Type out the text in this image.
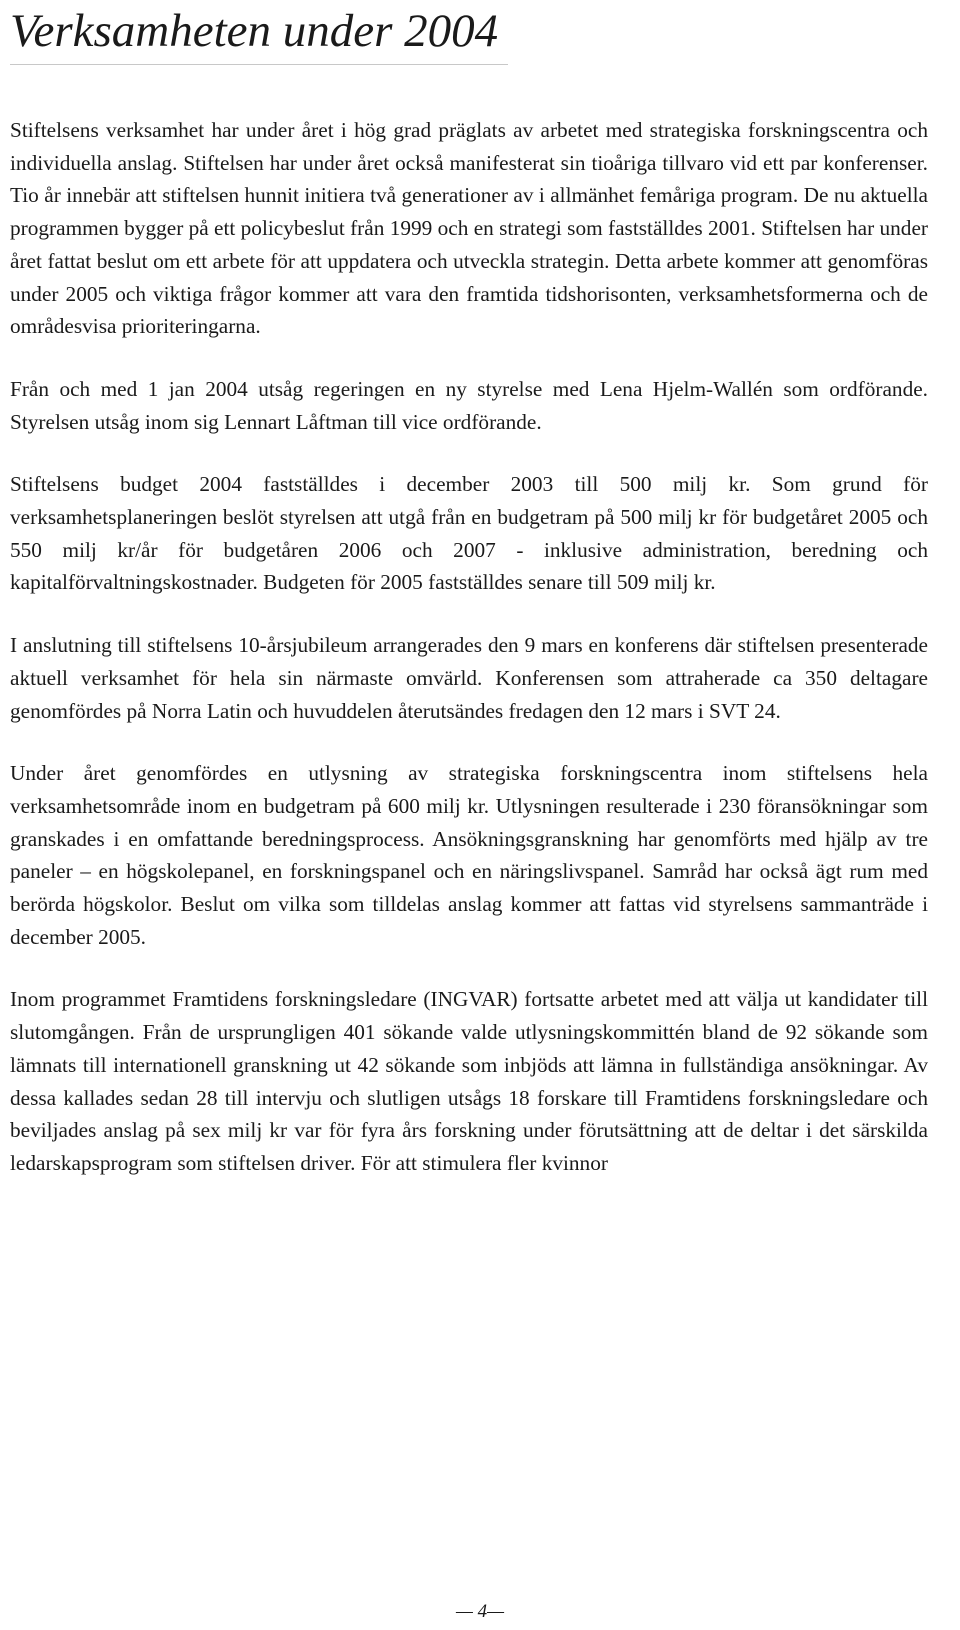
Verksamheten under 2004

Stiftelsens verksamhet har under året i hög grad präglats av arbetet med strategiska forskningscentra och individuella anslag. Stiftelsen har under året också manifesterat sin tioåriga tillvaro vid ett par konferenser. Tio år innebär att stiftelsen hunnit initiera två generationer av i allmänhet femåriga program. De nu aktuella programmen bygger på ett policybeslut från 1999 och en strategi som fastställdes 2001. Stiftelsen har under året fattat beslut om ett arbete för att uppdatera och utveckla strategin. Detta arbete kommer att genomföras under 2005 och viktiga frågor kommer att vara den framtida tidshorisonten, verksamhetsformerna och de områdesvisa prioriteringarna.

Från och med 1 jan 2004 utsåg regeringen en ny styrelse med Lena Hjelm-Wallén som ordförande. Styrelsen utsåg inom sig Lennart Låftman till vice ordförande.

Stiftelsens budget 2004 fastställdes i december 2003 till 500 milj kr. Som grund för verksamhetsplaneringen beslöt styrelsen att utgå från en budgetram på 500 milj kr för budgetåret 2005 och 550 milj kr/år för budgetåren 2006 och 2007 - inklusive administration, beredning och kapitalförvaltningskostnader. Budgeten för 2005 fastställdes senare till 509 milj kr.

I anslutning till stiftelsens 10-årsjubileum arrangerades den 9 mars en konferens där stiftelsen presenterade aktuell verksamhet för hela sin närmaste omvärld. Konferensen som attraherade ca 350 deltagare genomfördes på Norra Latin och huvuddelen återutsändes fredagen den 12 mars i SVT 24.

Under året genomfördes en utlysning av strategiska forskningscentra inom stiftelsens hela verksamhetsområde inom en budgetram på 600 milj kr. Utlysningen resulterade i 230 föransökningar som granskades i en omfattande beredningsprocess. Ansökningsgranskning har genomförts med hjälp av tre paneler – en högskolepanel, en forskningspanel och en näringslivspanel. Samråd har också ägt rum med berörda högskolor. Beslut om vilka som tilldelas anslag kommer att fattas vid styrelsens sammanträde i december 2005.

Inom programmet Framtidens forskningsledare (INGVAR) fortsatte arbetet med att välja ut kandidater till slutomgången. Från de ursprungligen 401 sökande valde utlysningskommittén bland de 92 sökande som lämnats till internationell granskning ut 42 sökande som inbjöds att lämna in fullständiga ansökningar. Av dessa kallades sedan 28 till intervju och slutligen utsågs 18 forskare till Framtidens forskningsledare och beviljades anslag på sex milj kr var för fyra års forskning under förutsättning att de deltar i det särskilda ledarskapsprogram som stiftelsen driver. För att stimulera fler kvinnor

— 4—
